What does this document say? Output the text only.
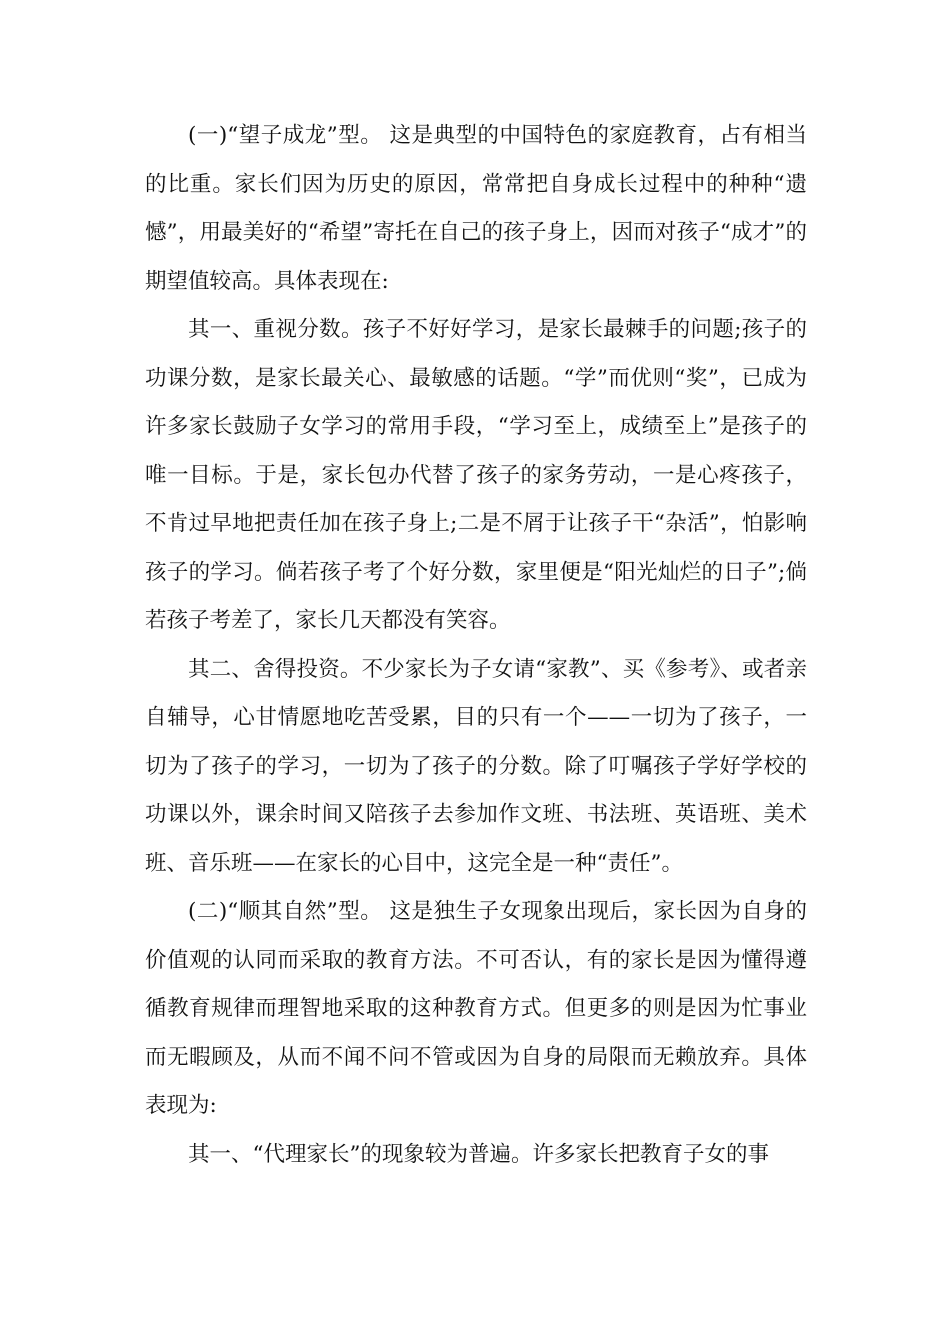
(一)“望子成龙”型。 这是典型的中国特色的家庭教育，占有相当的比重。家长们因为历史的原因，常常把自身成长过程中的种种“遗憾”，用最美好的“希望”寄托在自己的孩子身上，因而对孩子“成才”的期望值较高。具体表现在:

其一、重视分数。孩子不好好学习，是家长最棘手的问题;孩子的功课分数，是家长最关心、最敏感的话题。“学”而优则“奖”，已成为许多家长鼓励子女学习的常用手段，“学习至上，成绩至上”是孩子的唯一目标。于是，家长包办代替了孩子的家务劳动，一是心疼孩子，不肯过早地把责任加在孩子身上;二是不屑于让孩子干“杂活”，怕影响孩子的学习。倘若孩子考了个好分数，家里便是“阳光灿烂的日子”;倘若孩子考差了，家长几天都没有笑容。

其二、舍得投资。不少家长为子女请“家教”、买《参考》、或者亲自辅导，心甘情愿地吃苦受累，目的只有一个——一切为了孩子，一切为了孩子的学习，一切为了孩子的分数。除了叮嘱孩子学好学校的功课以外，课余时间又陪孩子去参加作文班、书法班、英语班、美术班、音乐班——在家长的心目中，这完全是一种“责任”。

(二)“顺其自然”型。 这是独生子女现象出现后，家长因为自身的价值观的认同而采取的教育方法。不可否认，有的家长是因为懂得遵循教育规律而理智地采取的这种教育方式。但更多的则是因为忙事业而无暇顾及，从而不闻不问不管或因为自身的局限而无赖放弃。具体表现为:

其一、“代理家长”的现象较为普遍。许多家长把教育子女的事
